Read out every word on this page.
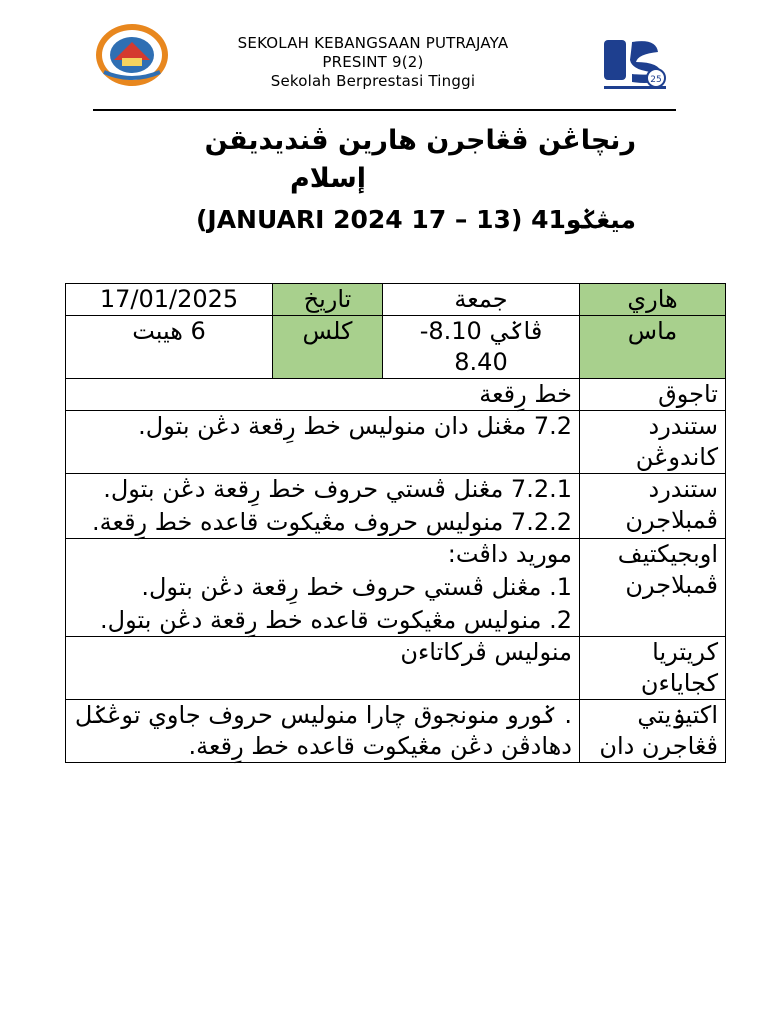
SEKOLAH KEBANGSAAN PUTRAJAYA
PRESINT 9(2)
Sekolah Berprestasi Tinggi	25
رنچاڠن ڤڠاجرن هارين ڤنديديقن
إسلام
ميڠݢو41 (13 – 17 JANUARI 2024)
17/01/2025	تاريخ	جمعة	هاري
6 هيبت	كلس	ڤاݢي 8.10- 8.40	ماس
خط رِقعة			تاجوق
7.2 مڠنل دان منوليس خط رِقعة دڠن بتول.			ستندرد كاندوڠن

7.2.1 مڠنل ڤستي حروف خط رِقعة دڠن بتول.

7.2.2 منوليس حروف مڠيكوت قاعده خط رِقعة.			ستندرد ڤمبلاجرن

موريد داڤت:

1. مڠنل ڤستي حروف خط رِقعة دڠن بتول.

2. منوليس مڠيكوت قاعده خط رِقعة دڠن بتول.			اوبجيكتيف ڤمبلاجرن
منوليس ڤركاتاءن			كريتريا كجاياءن
. ݢورو منونجوق چارا منوليس حروف جاوي توڠݢل دهادڤن دڠن مڠيكوت قاعده خط رِقعة.			اكتيۏيتي ڤڠاجرن دان
